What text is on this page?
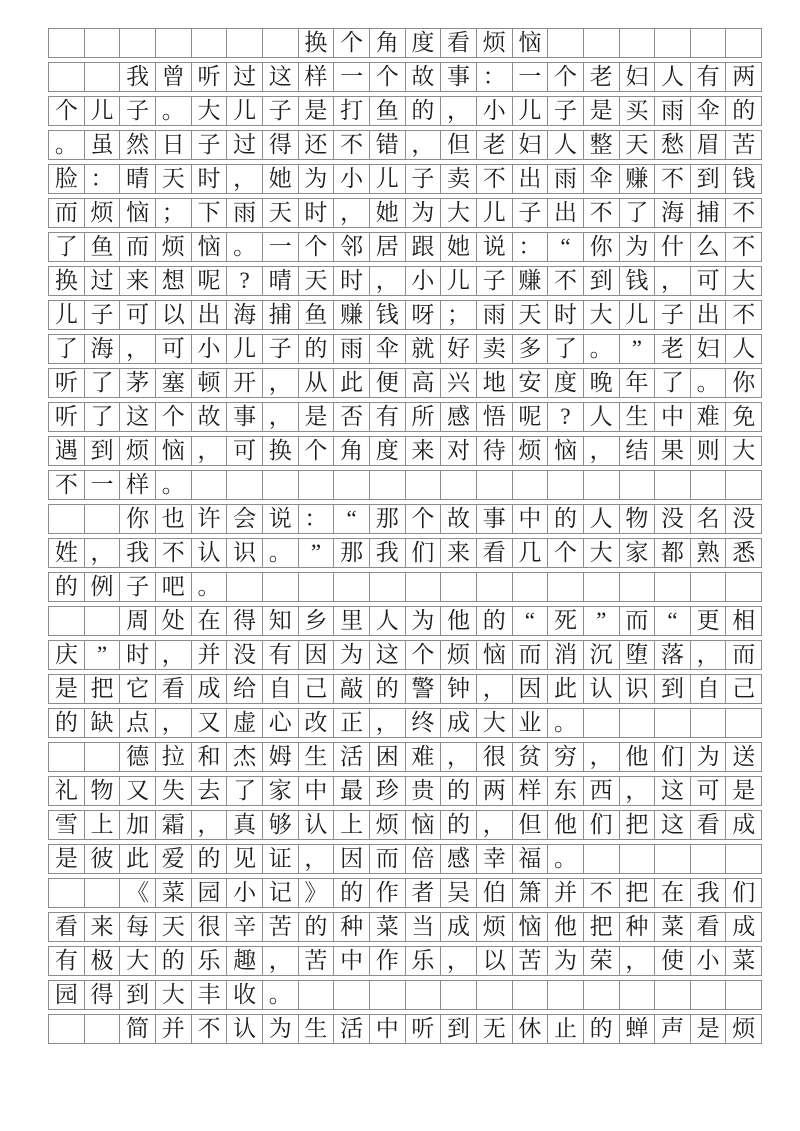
换 个 角 度 看 烦 恼
我 曾 听 过 这 样 一 个 故 事 ： 一 个 老 妇 人 有 两
个 儿 子 。 大 儿 子 是 打 鱼 的 ， 小 儿 子 是 买 雨 伞 的
。 虽 然 日 子 过 得 还 不 错 ， 但 老 妇 人 整 天 愁 眉 苦
脸 ： 晴 天 时 ， 她 为 小 儿 子 卖 不 出 雨 伞 赚 不 到 钱
而 烦 恼 ； 下 雨 天 时 ， 她 为 大 儿 子 出 不 了 海 捕 不
了 鱼 而 烦 恼 。 一 个 邻 居 跟 她 说 ： “ 你 为 什 么 不
换 过 来 想 呢 ? 晴 天 时 ， 小 儿 子 赚 不 到 钱 ， 可 大
儿 子 可 以 出 海 捕 鱼 赚 钱 呀 ； 雨 天 时 大 儿 子 出 不
了 海 ， 可 小 儿 子 的 雨 伞 就 好 卖 多 了 。 ” 老 妇 人
听 了 茅 塞 顿 开 ， 从 此 便 高 兴 地 安 度 晚 年 了 。 你
听 了 这 个 故 事 ， 是 否 有 所 感 悟 呢 ? 人 生 中 难 免
遇 到 烦 恼 ， 可 换 个 角 度 来 对 待 烦 恼 ， 结 果 则 大
不 一 样 。
你 也 许 会 说 ： “ 那 个 故 事 中 的 人 物 没 名 没
姓 ， 我 不 认 识 。 ” 那 我 们 来 看 几 个 大 家 都 熟 悉
的 例 子 吧 。
周 处 在 得 知 乡 里 人 为 他 的 “ 死 ” 而 “ 更 相
庆 ” 时 ， 并 没 有 因 为 这 个 烦 恼 而 消 沉 堕 落 ， 而
是 把 它 看 成 给 自 己 敲 的 警 钟 ， 因 此 认 识 到 自 己
的 缺 点 ， 又 虚 心 改 正 ， 终 成 大 业 。
德 拉 和 杰 姆 生 活 困 难 ， 很 贫 穷 ， 他 们 为 送
礼 物 又 失 去 了 家 中 最 珍 贵 的 两 样 东 西 ， 这 可 是
雪 上 加 霜 ， 真 够 认 上 烦 恼 的 ， 但 他 们 把 这 看 成
是 彼 此 爱 的 见 证 ， 因 而 倍 感 幸 福 。
《 菜 园 小 记 》 的 作 者 吴 伯 箫 并 不 把 在 我 们
看 来 每 天 很 辛 苦 的 种 菜 当 成 烦 恼 他 把 种 菜 看 成
有 极 大 的 乐 趣 ， 苦 中 作 乐 ， 以 苦 为 荣 ， 使 小 菜
园 得 到 大 丰 收 。
简 并 不 认 为 生 活 中 听 到 无 休 止 的 蝉 声 是 烦
